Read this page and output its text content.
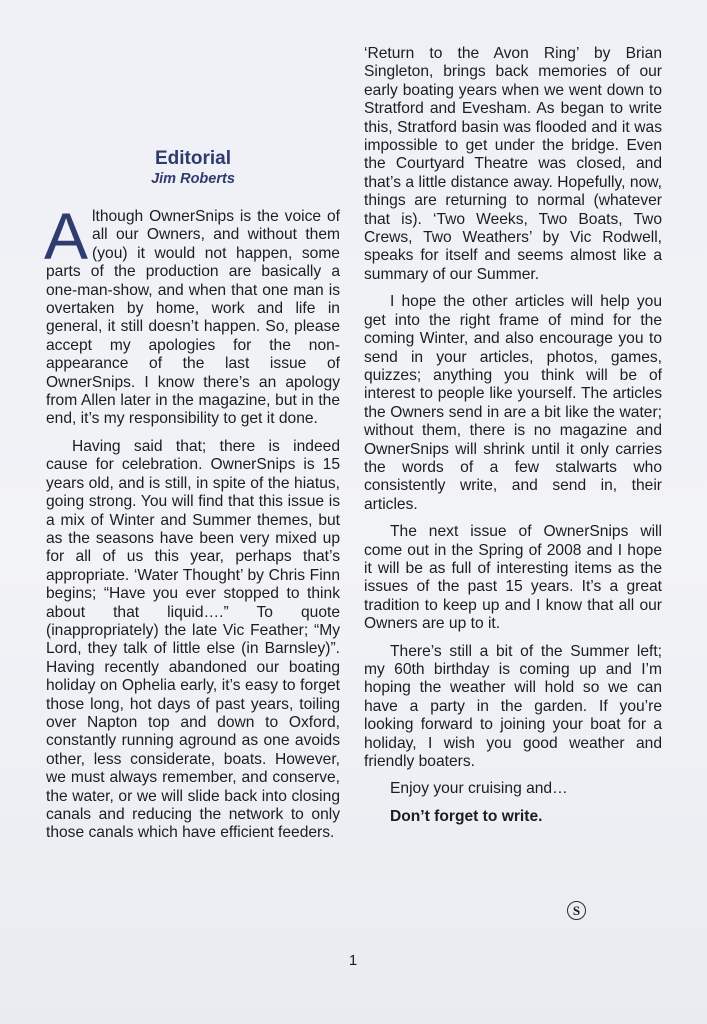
Editorial
Jim Roberts

Although OwnerSnips is the voice of all our Owners, and without them (you) it would not happen, some parts of the production are basically a one-man-show, and when that one man is overtaken by home, work and life in general, it still doesn’t happen. So, please accept my apologies for the non-appearance of the last issue of OwnerSnips. I know there’s an apology from Allen later in the magazine, but in the end, it’s my responsibility to get it done.

Having said that; there is indeed cause for celebration. OwnerSnips is 15 years old, and is still, in spite of the hiatus, going strong. You will find that this issue is a mix of Winter and Summer themes, but as the seasons have been very mixed up for all of us this year, perhaps that’s appropriate. ‘Water Thought’ by Chris Finn begins; “Have you ever stopped to think about that liquid….” To quote (inappropriately) the late Vic Feather; “My Lord, they talk of little else (in Barnsley)”. Having recently abandoned our boating holiday on Ophelia early, it’s easy to forget those long, hot days of past years, toiling over Napton top and down to Oxford, constantly running aground as one avoids other, less considerate, boats. However, we must always remember, and conserve, the water, or we will slide back into closing canals and reducing the network to only those canals which have efficient feeders.

‘Return to the Avon Ring’ by Brian Singleton, brings back memories of our early boating years when we went down to Stratford and Evesham. As began to write this, Stratford basin was flooded and it was impossible to get under the bridge. Even the Courtyard Theatre was closed, and that’s a little distance away. Hopefully, now, things are returning to normal (whatever that is). ‘Two Weeks, Two Boats, Two Crews, Two Weathers’ by Vic Rodwell, speaks for itself and seems almost like a summary of our Summer.

I hope the other articles will help you get into the right frame of mind for the coming Winter, and also encourage you to send in your articles, photos, games, quizzes; anything you think will be of interest to people like yourself. The articles the Owners send in are a bit like the water; without them, there is no magazine and OwnerSnips will shrink until it only carries the words of a few stalwarts who consistently write, and send in, their articles.

The next issue of OwnerSnips will come out in the Spring of 2008 and I hope it will be as full of interesting items as the issues of the past 15 years. It’s a great tradition to keep up and I know that all our Owners are up to it.

There’s still a bit of the Summer left; my 60th birthday is coming up and I’m hoping the weather will hold so we can have a party in the garden. If you’re looking forward to joining your boat for a holiday, I wish you good weather and friendly boaters.

Enjoy your cruising and…

Don’t forget to write.

S
1
